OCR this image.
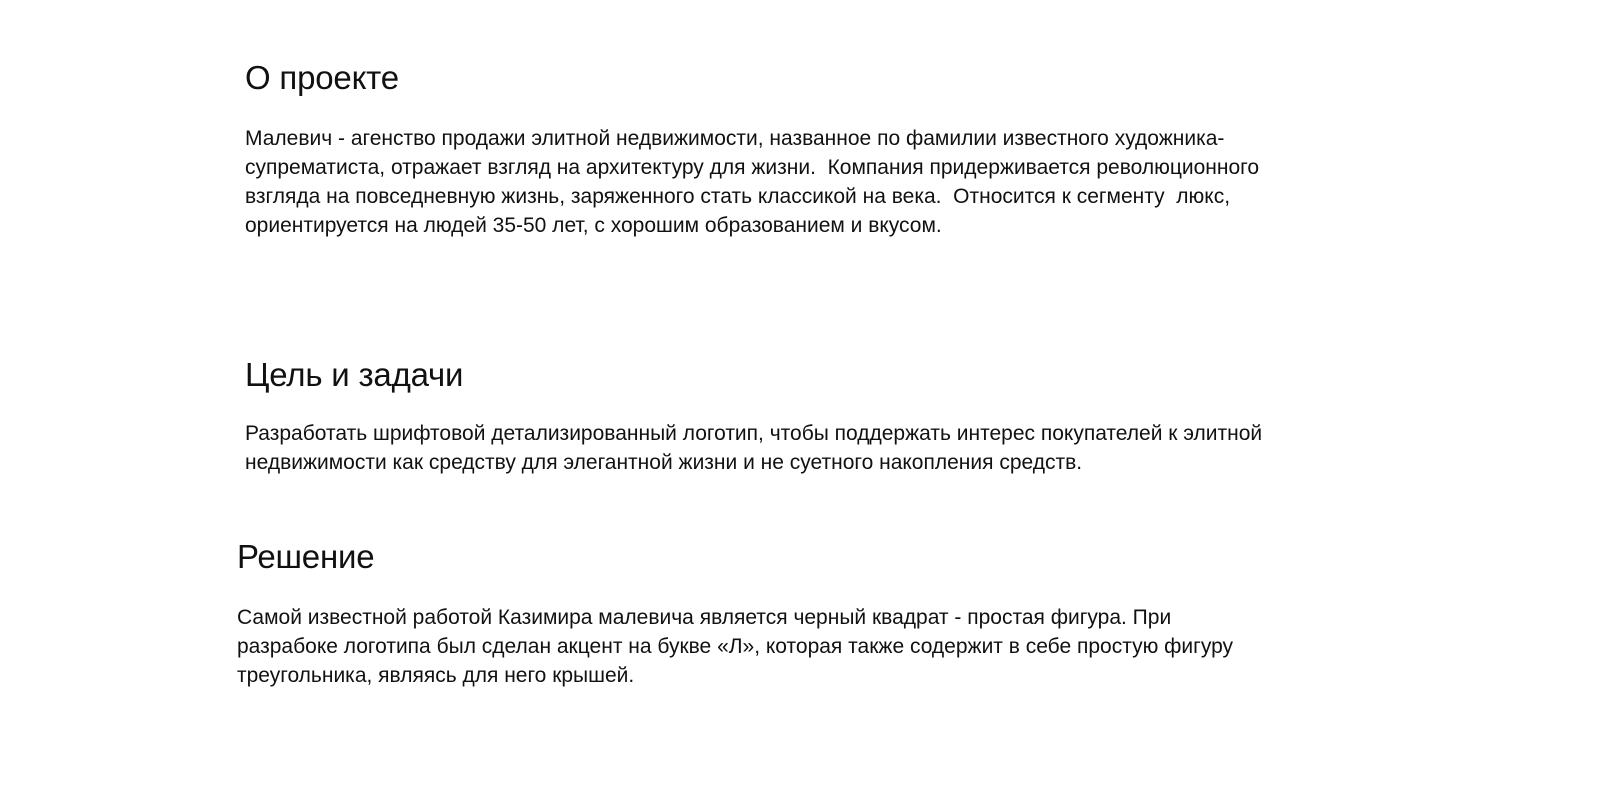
О проекте

Малевич - агенство продажи элитной недвижимости, названное по фамилии известного художника-супрематиста, отражает взгляд на архитектуру для жизни.  Компания придерживается революционного взгляда на повседневную жизнь, заряженного стать классикой на века.  Относится к сегменту  люкс, ориентируется на людей 35-50 лет, с хорошим образованием и вкусом.

Цель и задачи

Разработать шрифтовой детализированный логотип, чтобы поддержать интерес покупателей к элитной недвижимости как средству для элегантной жизни и не суетного накопления средств.

Решение

Самой известной работой Казимира малевича является черный квадрат - простая фигура. При разрабоке логотипа был сделан акцент на букве «Л», которая также содержит в себе простую фигуру треугольника, являясь для него крышей.
